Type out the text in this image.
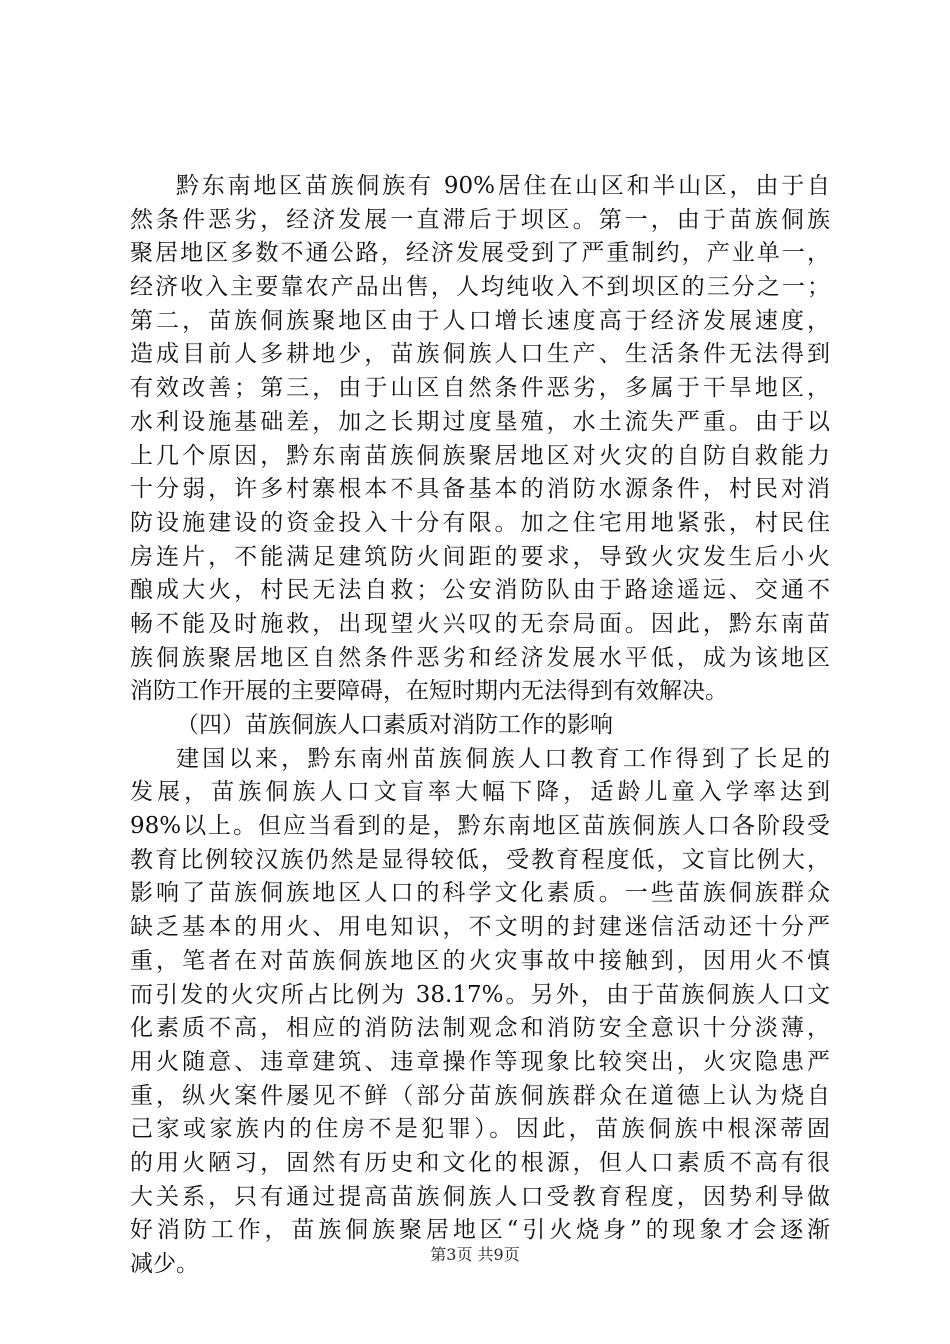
黔东南地区苗族侗族有 90%居住在山区和半山区，由于自
然条件恶劣，经济发展一直滞后于坝区。第一，由于苗族侗族
聚居地区多数不通公路，经济发展受到了严重制约，产业单一，
经济收入主要靠农产品出售，人均纯收入不到坝区的三分之一；
第二，苗族侗族聚地区由于人口增长速度高于经济发展速度，
造成目前人多耕地少，苗族侗族人口生产、生活条件无法得到
有效改善；第三，由于山区自然条件恶劣，多属于干旱地区，
水利设施基础差，加之长期过度垦殖，水土流失严重。由于以
上几个原因，黔东南苗族侗族聚居地区对火灾的自防自救能力
十分弱，许多村寨根本不具备基本的消防水源条件，村民对消
防设施建设的资金投入十分有限。加之住宅用地紧张，村民住
房连片，不能满足建筑防火间距的要求，导致火灾发生后小火
酿成大火，村民无法自救；公安消防队由于路途遥远、交通不
畅不能及时施救，出现望火兴叹的无奈局面。因此，黔东南苗
族侗族聚居地区自然条件恶劣和经济发展水平低，成为该地区
消防工作开展的主要障碍，在短时期内无法得到有效解决。
（四）苗族侗族人口素质对消防工作的影响
建国以来，黔东南州苗族侗族人口教育工作得到了长足的
发展，苗族侗族人口文盲率大幅下降，适龄儿童入学率达到
98%以上。但应当看到的是，黔东南地区苗族侗族人口各阶段受
教育比例较汉族仍然是显得较低，受教育程度低，文盲比例大，
影响了苗族侗族地区人口的科学文化素质。一些苗族侗族群众
缺乏基本的用火、用电知识，不文明的封建迷信活动还十分严
重，笔者在对苗族侗族地区的火灾事故中接触到，因用火不慎
而引发的火灾所占比例为 38.17%。另外，由于苗族侗族人口文
化素质不高，相应的消防法制观念和消防安全意识十分淡薄，
用火随意、违章建筑、违章操作等现象比较突出，火灾隐患严
重，纵火案件屡见不鲜（部分苗族侗族群众在道德上认为烧自
己家或家族内的住房不是犯罪）。因此，苗族侗族中根深蒂固
的用火陋习，固然有历史和文化的根源，但人口素质不高有很
大关系，只有通过提高苗族侗族人口受教育程度，因势利导做
好消防工作，苗族侗族聚居地区“引火烧身”的现象才会逐渐
减少。	第3页 共9页
